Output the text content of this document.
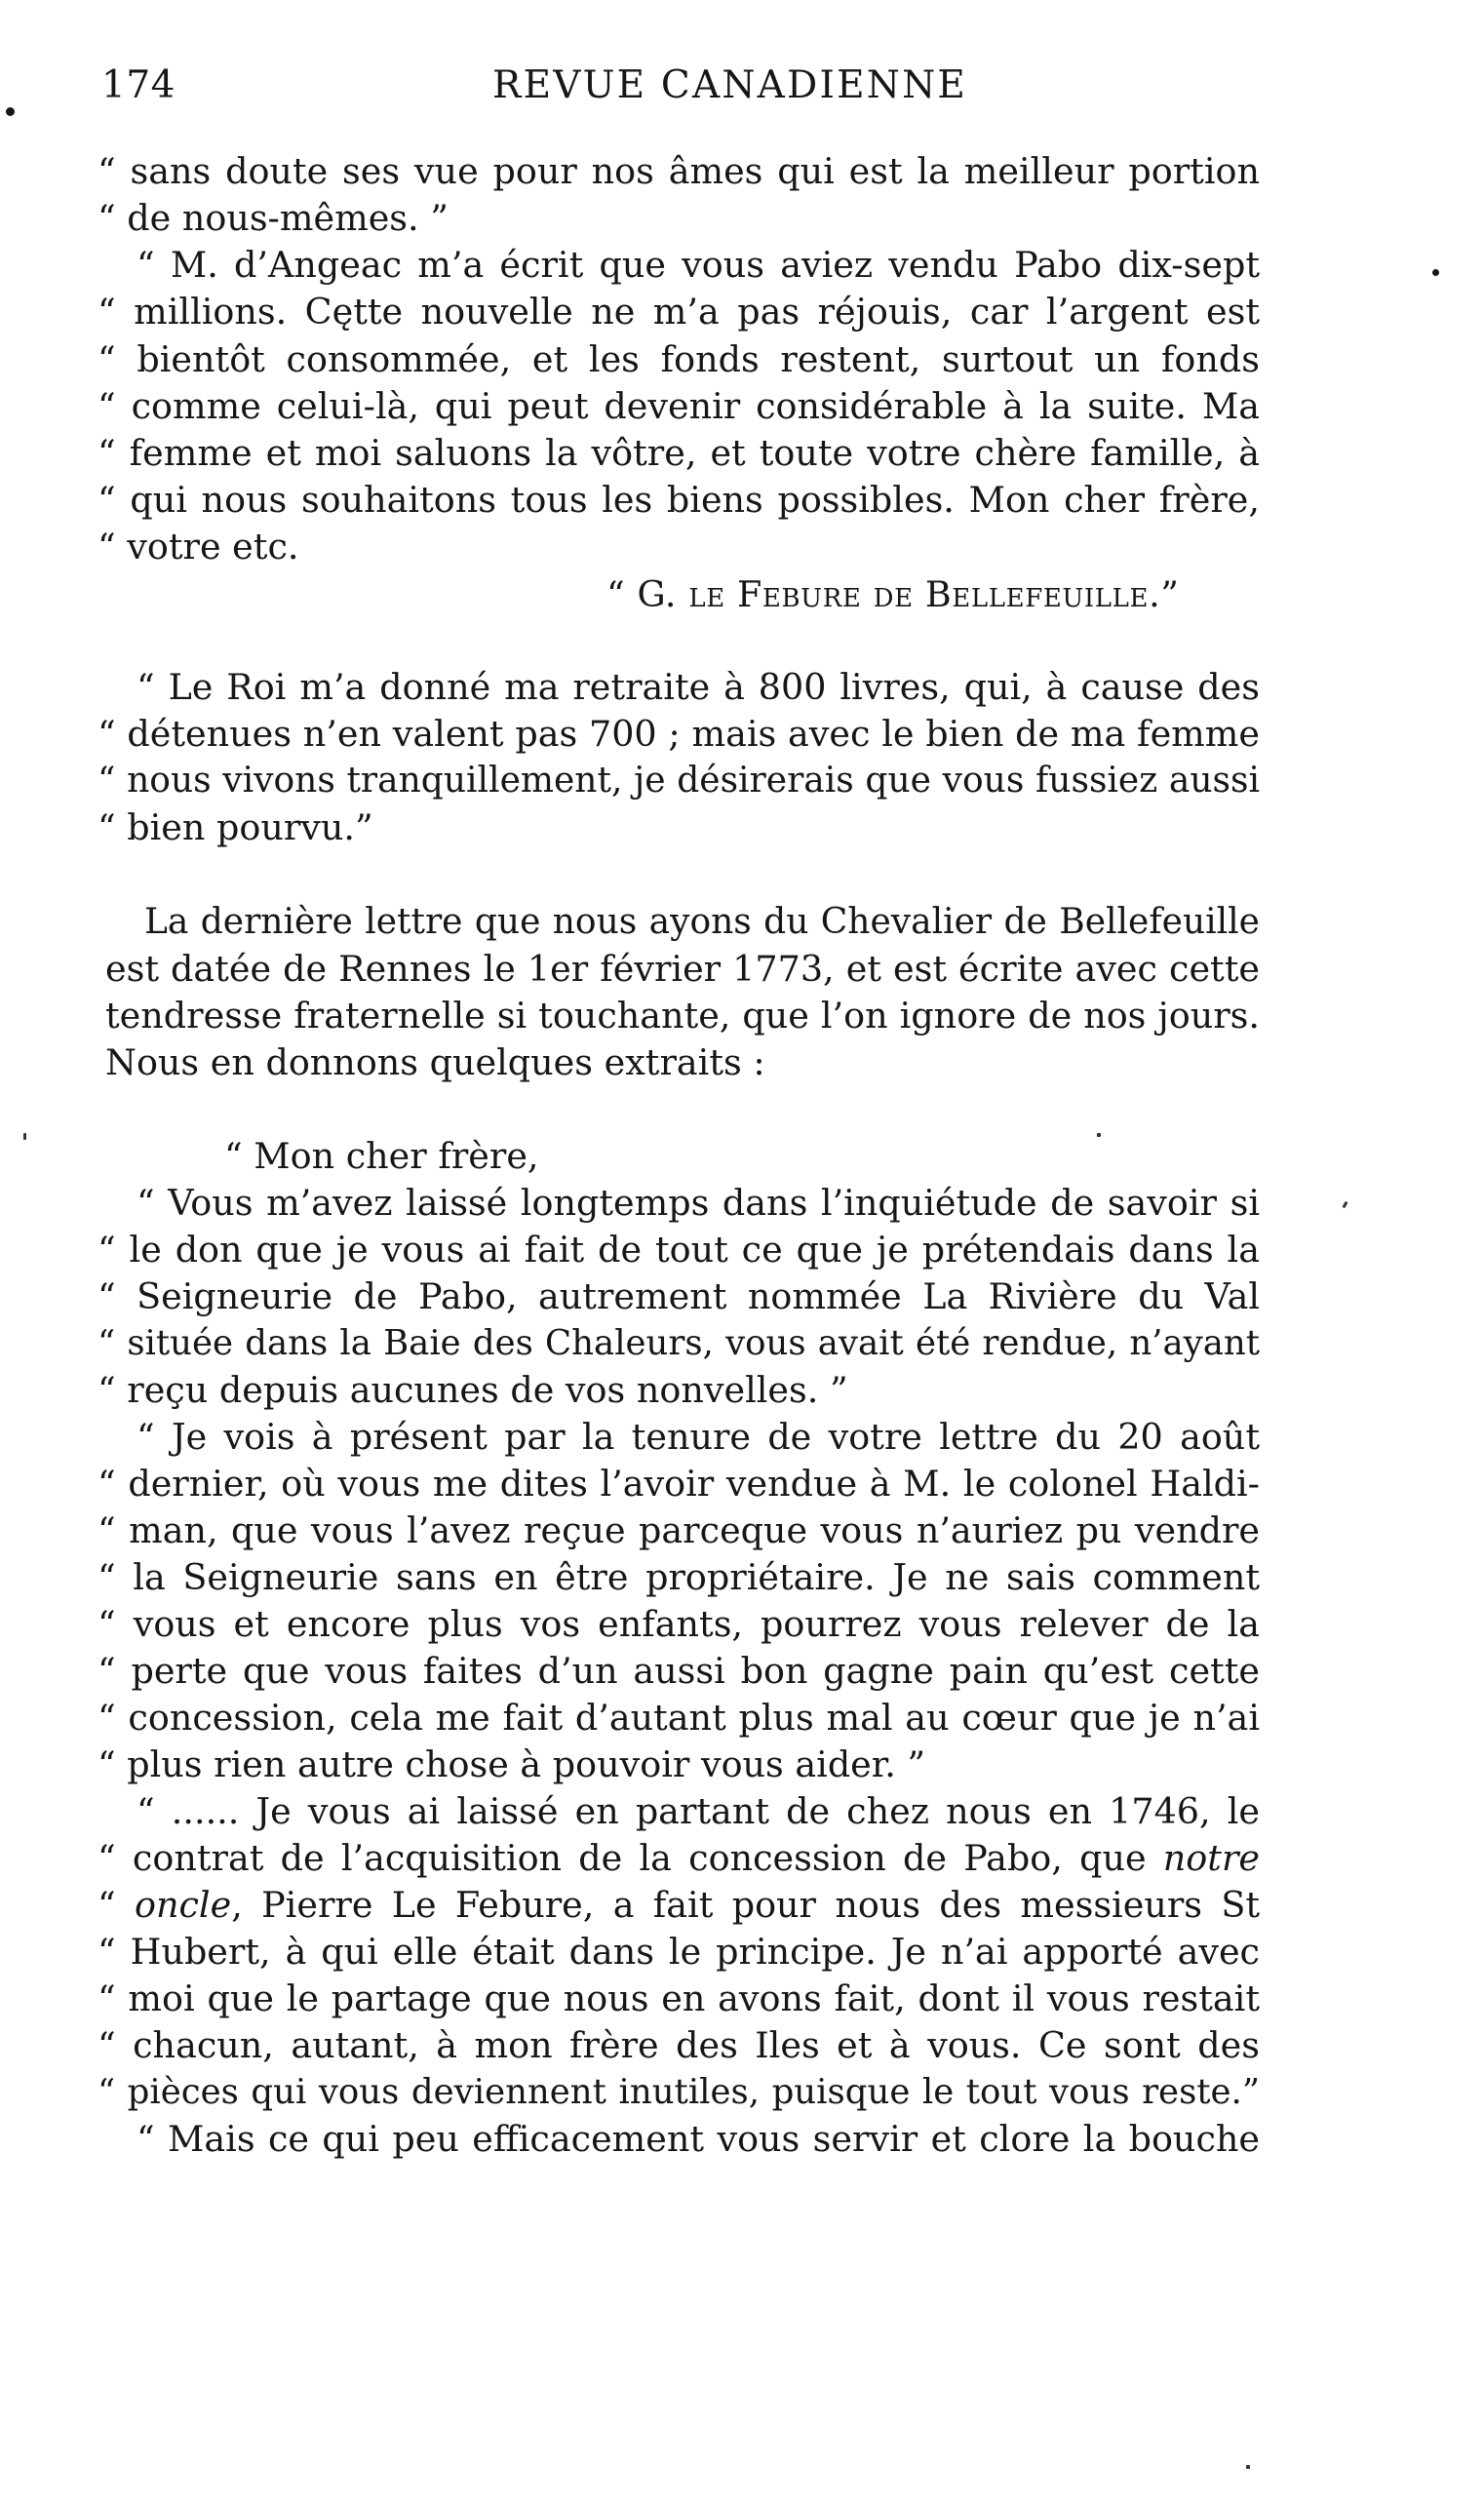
174	REVUE CANADIENNE
“ sans doute ses vue pour nos âmes qui est la meilleur portion
“ de nous-mêmes. ”
“ M. d’Angeac m’a écrit que vous aviez vendu Pabo dix-sept
“ millions. Cętte nouvelle ne m’a pas réjouis, car l’argent est
“ bientôt consommée, et les fonds restent, surtout un fonds
“ comme celui-là, qui peut devenir considérable à la suite. Ma
“ femme et moi saluons la vôtre, et toute votre chère famille, à
“ qui nous souhaitons tous les biens possibles. Mon cher frère,
“ votre etc.
“ G. le Febure de Bellefeuille.”
“ Le Roi m’a donné ma retraite à 800 livres, qui, à cause des
“ détenues n’en valent pas 700 ; mais avec le bien de ma femme
“ nous vivons tranquillement, je désirerais que vous fussiez aussi
“ bien pourvu.”
La dernière lettre que nous ayons du Chevalier de Bellefeuille
est datée de Rennes le 1er février 1773, et est écrite avec cette
tendresse fraternelle si touchante, que l’on ignore de nos jours.
Nous en donnons quelques extraits :
“ Mon cher frère,
“ Vous m’avez laissé longtemps dans l’inquiétude de savoir si
“ le don que je vous ai fait de tout ce que je prétendais dans la
“ Seigneurie de Pabo, autrement nommée La Rivière du Val
“ située dans la Baie des Chaleurs, vous avait été rendue, n’ayant
“ reçu depuis aucunes de vos nonvelles. ”
“ Je vois à présent par la tenure de votre lettre du 20 août
“ dernier, où vous me dites l’avoir vendue à M. le colonel Haldi-
“ man, que vous l’avez reçue parceque vous n’auriez pu vendre
“ la Seigneurie sans en être propriétaire. Je ne sais comment
“ vous et encore plus vos enfants, pourrez vous relever de la
“ perte que vous faites d’un aussi bon gagne pain qu’est cette
“ concession, cela me fait d’autant plus mal au cœur que je n’ai
“ plus rien autre chose à pouvoir vous aider. ”
“ ...... Je vous ai laissé en partant de chez nous en 1746, le
“ contrat de l’acquisition de la concession de Pabo, que notre
“ oncle, Pierre Le Febure, a fait pour nous des messieurs St
“ Hubert, à qui elle était dans le principe. Je n’ai apporté avec
“ moi que le partage que nous en avons fait, dont il vous restait
“ chacun, autant, à mon frère des Iles et à vous. Ce sont des
“ pièces qui vous deviennent inutiles, puisque le tout vous reste.”
“ Mais ce qui peu efficacement vous servir et clore la bouche
